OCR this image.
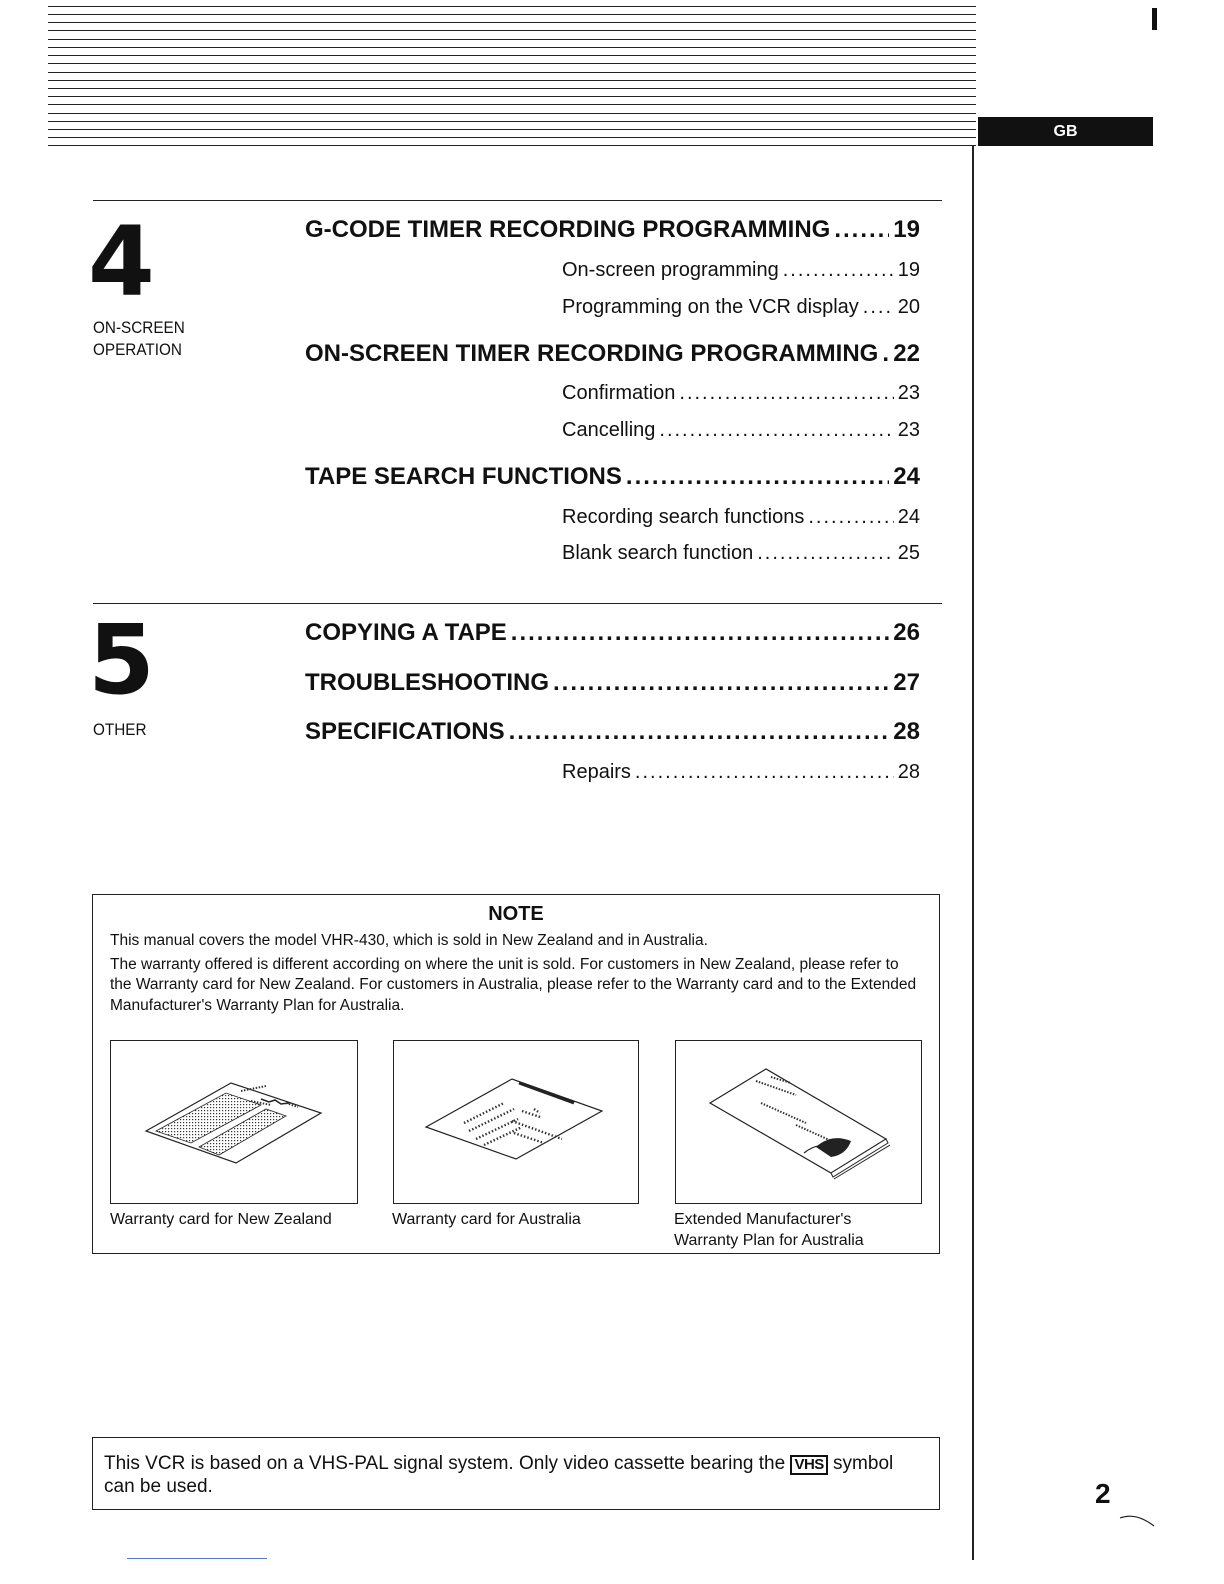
GB
4
ON-SCREEN
OPERATION
G-CODE TIMER RECORDING PROGRAMMING .....	19
On-screen programming .....	19
Programming on the VCR display ..... 20
ON-SCREEN TIMER RECORDING PROGRAMMING ..... 22
Confirmation .....	23
Cancelling .....	23
TAPE SEARCH FUNCTIONS .....	24
Recording search functions .....	24
Blank search function .....	25
5
OTHER
COPYING A TAPE .....	26
TROUBLESHOOTING .....	27
SPECIFICATIONS .....	28
Repairs .....	28
NOTE

This manual covers the model VHR-430, which is sold in New Zealand and in Australia.

The warranty offered is different according on where the unit is sold. For customers in New Zealand, please refer to the Warranty card for New Zealand. For customers in Australia, please refer to the Warranty card and to the Extended Manufacturer's Warranty Plan for Australia.

Warranty card for New Zealand	Warranty card for Australia	Extended Manufacturer's
Warranty Plan for Australia
This VCR is based on a VHS-PAL signal system. Only video cassette bearing the VHS symbol can be used.	2
